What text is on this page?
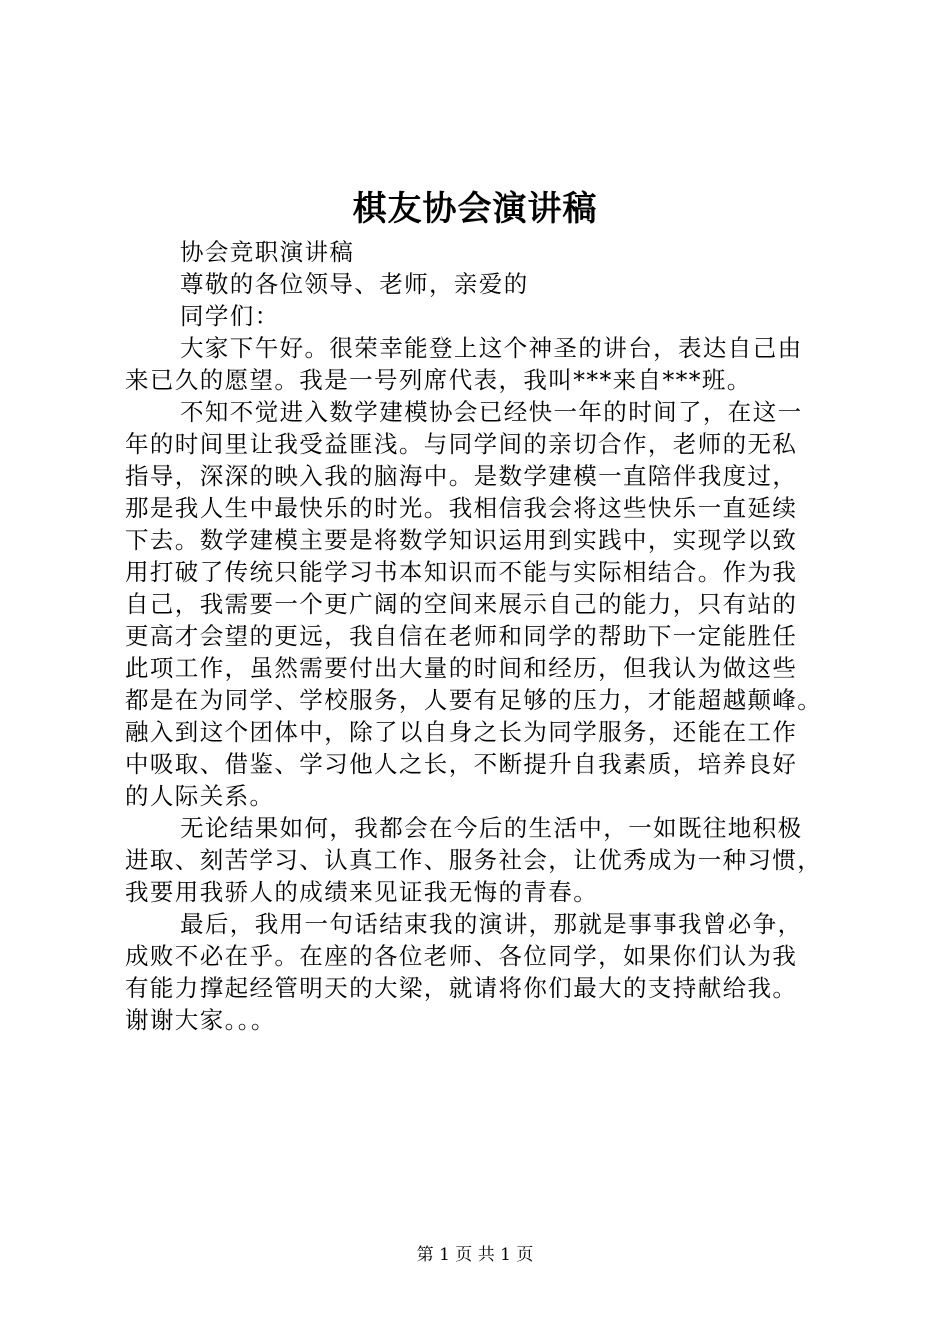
棋友协会演讲稿
协会竞职演讲稿
尊敬的各位领导、老师，亲爱的
同学们：
大家下午好。很荣幸能登上这个神圣的讲台，表达自己由
来已久的愿望。我是一号列席代表，我叫***来自***班。
不知不觉进入数学建模协会已经快一年的时间了，在这一
年的时间里让我受益匪浅。与同学间的亲切合作，老师的无私
指导，深深的映入我的脑海中。是数学建模一直陪伴我度过，
那是我人生中最快乐的时光。我相信我会将这些快乐一直延续
下去。数学建模主要是将数学知识运用到实践中，实现学以致
用打破了传统只能学习书本知识而不能与实际相结合。作为我
自己，我需要一个更广阔的空间来展示自己的能力，只有站的
更高才会望的更远，我自信在老师和同学的帮助下一定能胜任
此项工作，虽然需要付出大量的时间和经历，但我认为做这些
都是在为同学、学校服务，人要有足够的压力，才能超越颠峰。
融入到这个团体中，除了以自身之长为同学服务，还能在工作
中吸取、借鉴、学习他人之长，不断提升自我素质，培养良好
的人际关系。
无论结果如何，我都会在今后的生活中，一如既往地积极
进取、刻苦学习、认真工作、服务社会，让优秀成为一种习惯，
我要用我骄人的成绩来见证我无悔的青春。
最后，我用一句话结束我的演讲，那就是事事我曾必争，
成败不必在乎。在座的各位老师、各位同学，如果你们认为我
有能力撑起经管明天的大梁，就请将你们最大的支持献给我。
谢谢大家。。。
第 1 页 共 1 页
